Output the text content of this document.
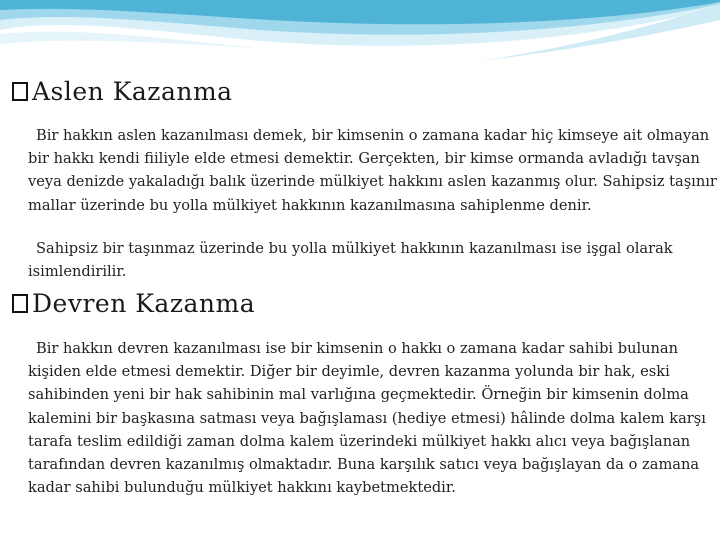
Aslen Kazanma
Bir hakkın aslen kazanılması demek, bir kimsenin o zamana kadar hiç kimseye ait olmayan bir hakkı kendi fiiliyle elde etmesi demektir. Gerçekten, bir kimse ormanda avladığı tavşan veya denizde yakaladığı balık üzerinde mülkiyet hakkını aslen kazanmış olur. Sahipsiz taşınır mallar üzerinde bu yolla mülkiyet hakkının kazanılmasına sahiplenme denir.
Sahipsiz bir taşınmaz üzerinde bu yolla mülkiyet hakkının kazanılması ise işgal olarak isimlendirilir.
Devren Kazanma
Bir hakkın devren kazanılması ise bir kimsenin o hakkı o zamana kadar sahibi bulunan kişiden elde etmesi demektir. Diğer bir deyimle, devren kazanma yolunda bir hak, eski sahibinden yeni bir hak sahibinin mal varlığına geçmektedir. Örneğin bir kimsenin dolma kalemini bir başkasına satması veya bağışlaması (hediye etmesi) hâlinde dolma kalem karşı tarafa teslim edildiği zaman dolma kalem üzerindeki mülkiyet hakkı alıcı veya bağışlanan tarafından devren kazanılmış olmaktadır. Buna karşılık satıcı veya bağışlayan da o zamana kadar sahibi bulunduğu mülkiyet hakkını kaybetmektedir.
